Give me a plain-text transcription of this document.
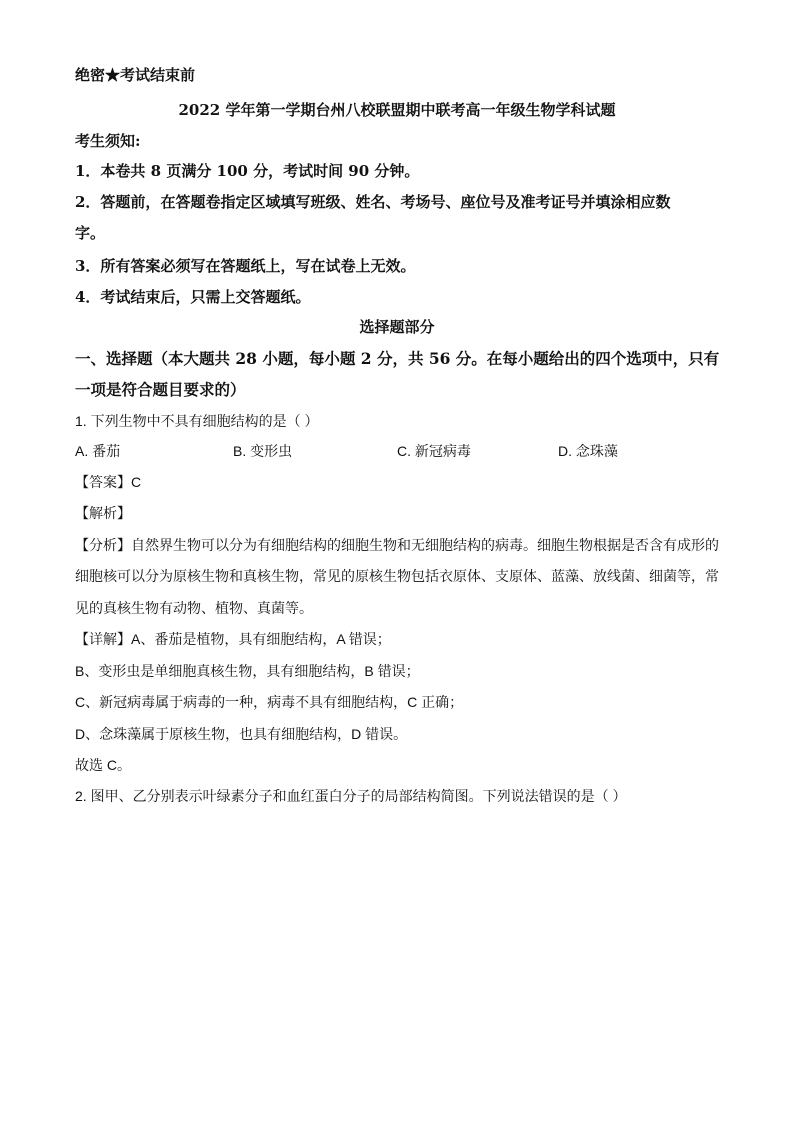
绝密★考试结束前
2022 学年第一学期台州八校联盟期中联考高一年级生物学科试题
考生须知:
1．本卷共 8 页满分 100 分，考试时间 90 分钟。
2．答题前，在答题卷指定区域填写班级、姓名、考场号、座位号及准考证号并填涂相应数
字。
3．所有答案必须写在答题纸上，写在试卷上无效。
4．考试结束后，只需上交答题纸。
选择题部分
一、选择题（本大题共 28 小题，每小题 2 分，共 56 分。在每小题给出的四个选项中，只有
一项是符合题目要求的）
1. 下列生物中不具有细胞结构的是（ ）
A. 番茄	B. 变形虫	C. 新冠病毒	D. 念珠藻
【答案】C
【解析】
【分析】自然界生物可以分为有细胞结构的细胞生物和无细胞结构的病毒。细胞生物根据是否含有成形的
细胞核可以分为原核生物和真核生物，常见的原核生物包括衣原体、支原体、蓝藻、放线菌、细菌等，常
见的真核生物有动物、植物、真菌等。
【详解】A、番茄是植物，具有细胞结构，A 错误；
B、变形虫是单细胞真核生物，具有细胞结构，B 错误；
C、新冠病毒属于病毒的一种，病毒不具有细胞结构，C 正确；
D、念珠藻属于原核生物，也具有细胞结构，D 错误。
故选 C。
2. 图甲、乙分别表示叶绿素分子和血红蛋白分子的局部结构简图。下列说法错误的是（ ）
